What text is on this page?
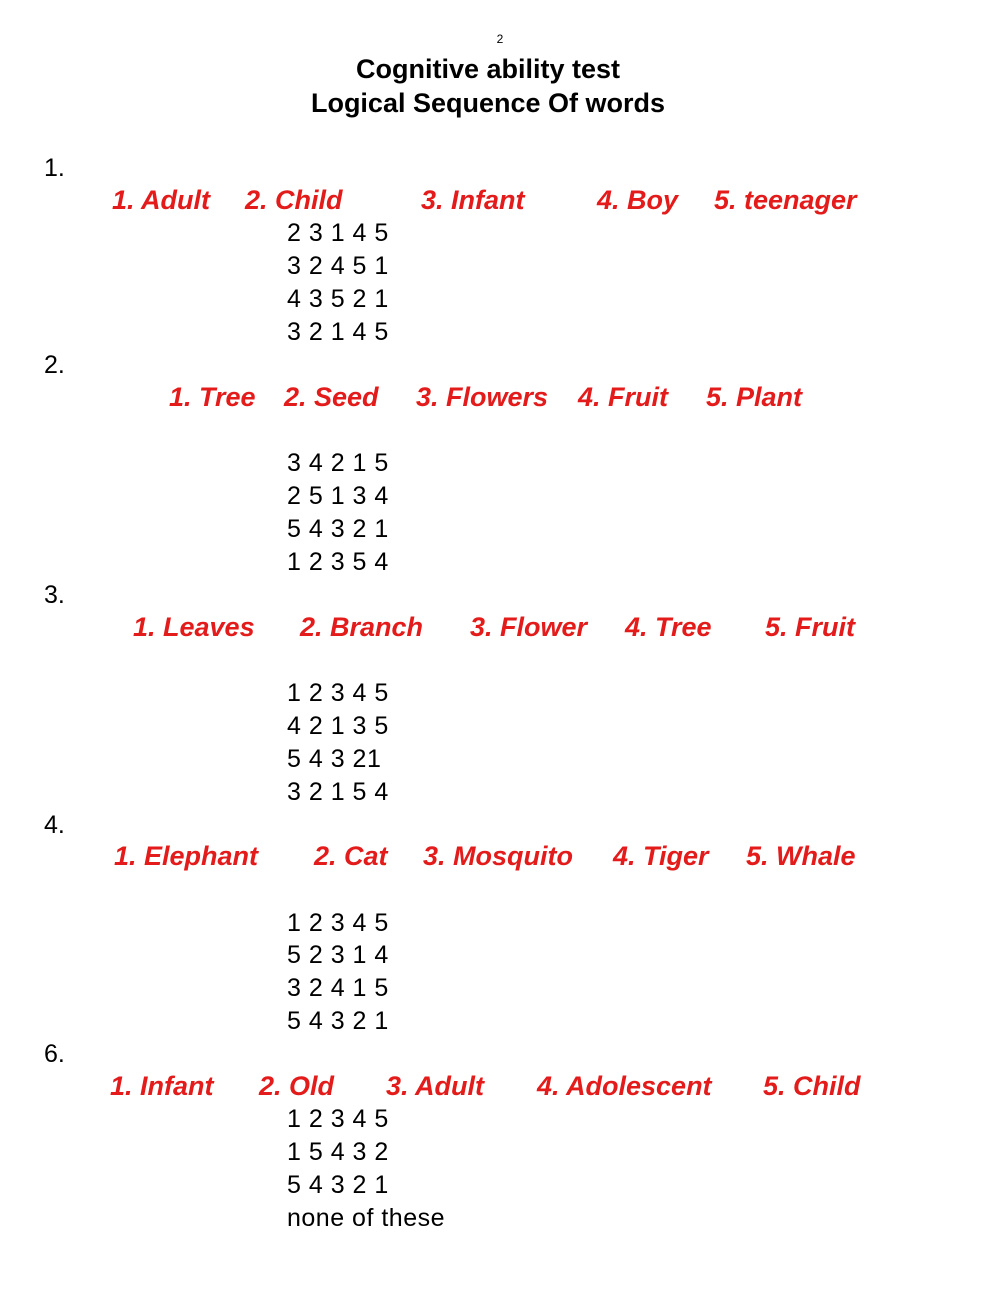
2
Cognitive ability test
Logical Sequence Of words
1.
1. Adult 2. Child	3. Infant	4. Boy 5. teenager
2 3 1 4 5
3 2 4 5 1
4 3 5 2 1
3 2 1 4 5
2.
1. Tree 2. Seed 3. Flowers 4. Fruit 5. Plant
3 4 2 1 5
2 5 1 3 4
5 4 3 2 1
1 2 3 5 4
3.
1. Leaves 2. Branch 3. Flower 4. Tree 5. Fruit
1 2 3 4 5
4 2 1 3 5
5 4 3 21
3 2 1 5 4
4.
1. Elephant 2. Cat 3. Mosquito 4. Tiger 5. Whale
1 2 3 4 5
5 2 3 1 4
3 2 4 1 5
5 4 3 2 1
6.
1. Infant 2. Old 3. Adult 4. Adolescent 5. Child
1 2 3 4 5
1 5 4 3 2
5 4 3 2 1
none of these
